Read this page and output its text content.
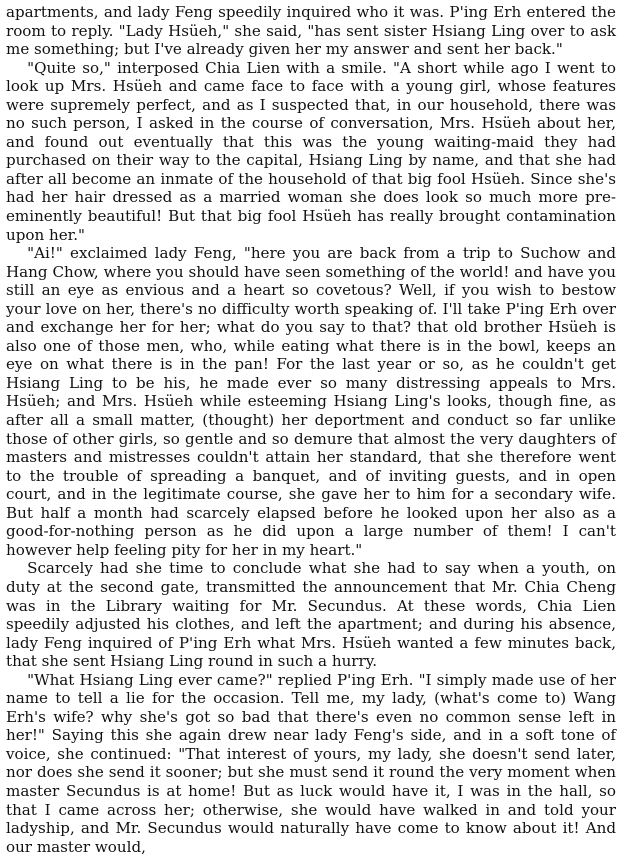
apartments, and lady Feng speedily inquired who it was. P'ing Erh entered the room to reply. "Lady Hsüeh," she said, "has sent sister Hsiang Ling over to ask me something; but I've already given her my answer and sent her back."

"Quite so," interposed Chia Lien with a smile. "A short while ago I went to look up Mrs. Hsüeh and came face to face with a young girl, whose features were supremely perfect, and as I suspected that, in our household, there was no such person, I asked in the course of conversation, Mrs. Hsüeh about her, and found out eventually that this was the young waiting-maid they had purchased on their way to the capital, Hsiang Ling by name, and that she had after all become an inmate of the household of that big fool Hsüeh. Since she's had her hair dressed as a married woman she does look so much more pre-eminently beautiful! But that big fool Hsüeh has really brought contamination upon her."

"Ai!" exclaimed lady Feng, "here you are back from a trip to Suchow and Hang Chow, where you should have seen something of the world! and have you still an eye as envious and a heart so covetous? Well, if you wish to bestow your love on her, there's no difficulty worth speaking of. I'll take P'ing Erh over and exchange her for her; what do you say to that? that old brother Hsüeh is also one of those men, who, while eating what there is in the bowl, keeps an eye on what there is in the pan! For the last year or so, as he couldn't get Hsiang Ling to be his, he made ever so many distressing appeals to Mrs. Hsüeh; and Mrs. Hsüeh while esteeming Hsiang Ling's looks, though fine, as after all a small matter, (thought) her deportment and conduct so far unlike those of other girls, so gentle and so demure that almost the very daughters of masters and mistresses couldn't attain her standard, that she therefore went to the trouble of spreading a banquet, and of inviting guests, and in open court, and in the legitimate course, she gave her to him for a secondary wife. But half a month had scarcely elapsed before he looked upon her also as a good-for-nothing person as he did upon a large number of them! I can't however help feeling pity for her in my heart."

Scarcely had she time to conclude what she had to say when a youth, on duty at the second gate, transmitted the announcement that Mr. Chia Cheng was in the Library waiting for Mr. Secundus. At these words, Chia Lien speedily adjusted his clothes, and left the apartment; and during his absence, lady Feng inquired of P'ing Erh what Mrs. Hsüeh wanted a few minutes back, that she sent Hsiang Ling round in such a hurry.

"What Hsiang Ling ever came?" replied P'ing Erh. "I simply made use of her name to tell a lie for the occasion. Tell me, my lady, (what's come to) Wang Erh's wife? why she's got so bad that there's even no common sense left in her!" Saying this she again drew near lady Feng's side, and in a soft tone of voice, she continued: "That interest of yours, my lady, she doesn't send later, nor does she send it sooner; but she must send it round the very moment when master Secundus is at home! But as luck would have it, I was in the hall, so that I came across her; otherwise, she would have walked in and told your ladyship, and Mr. Secundus would naturally have come to know about it! And our master would,
